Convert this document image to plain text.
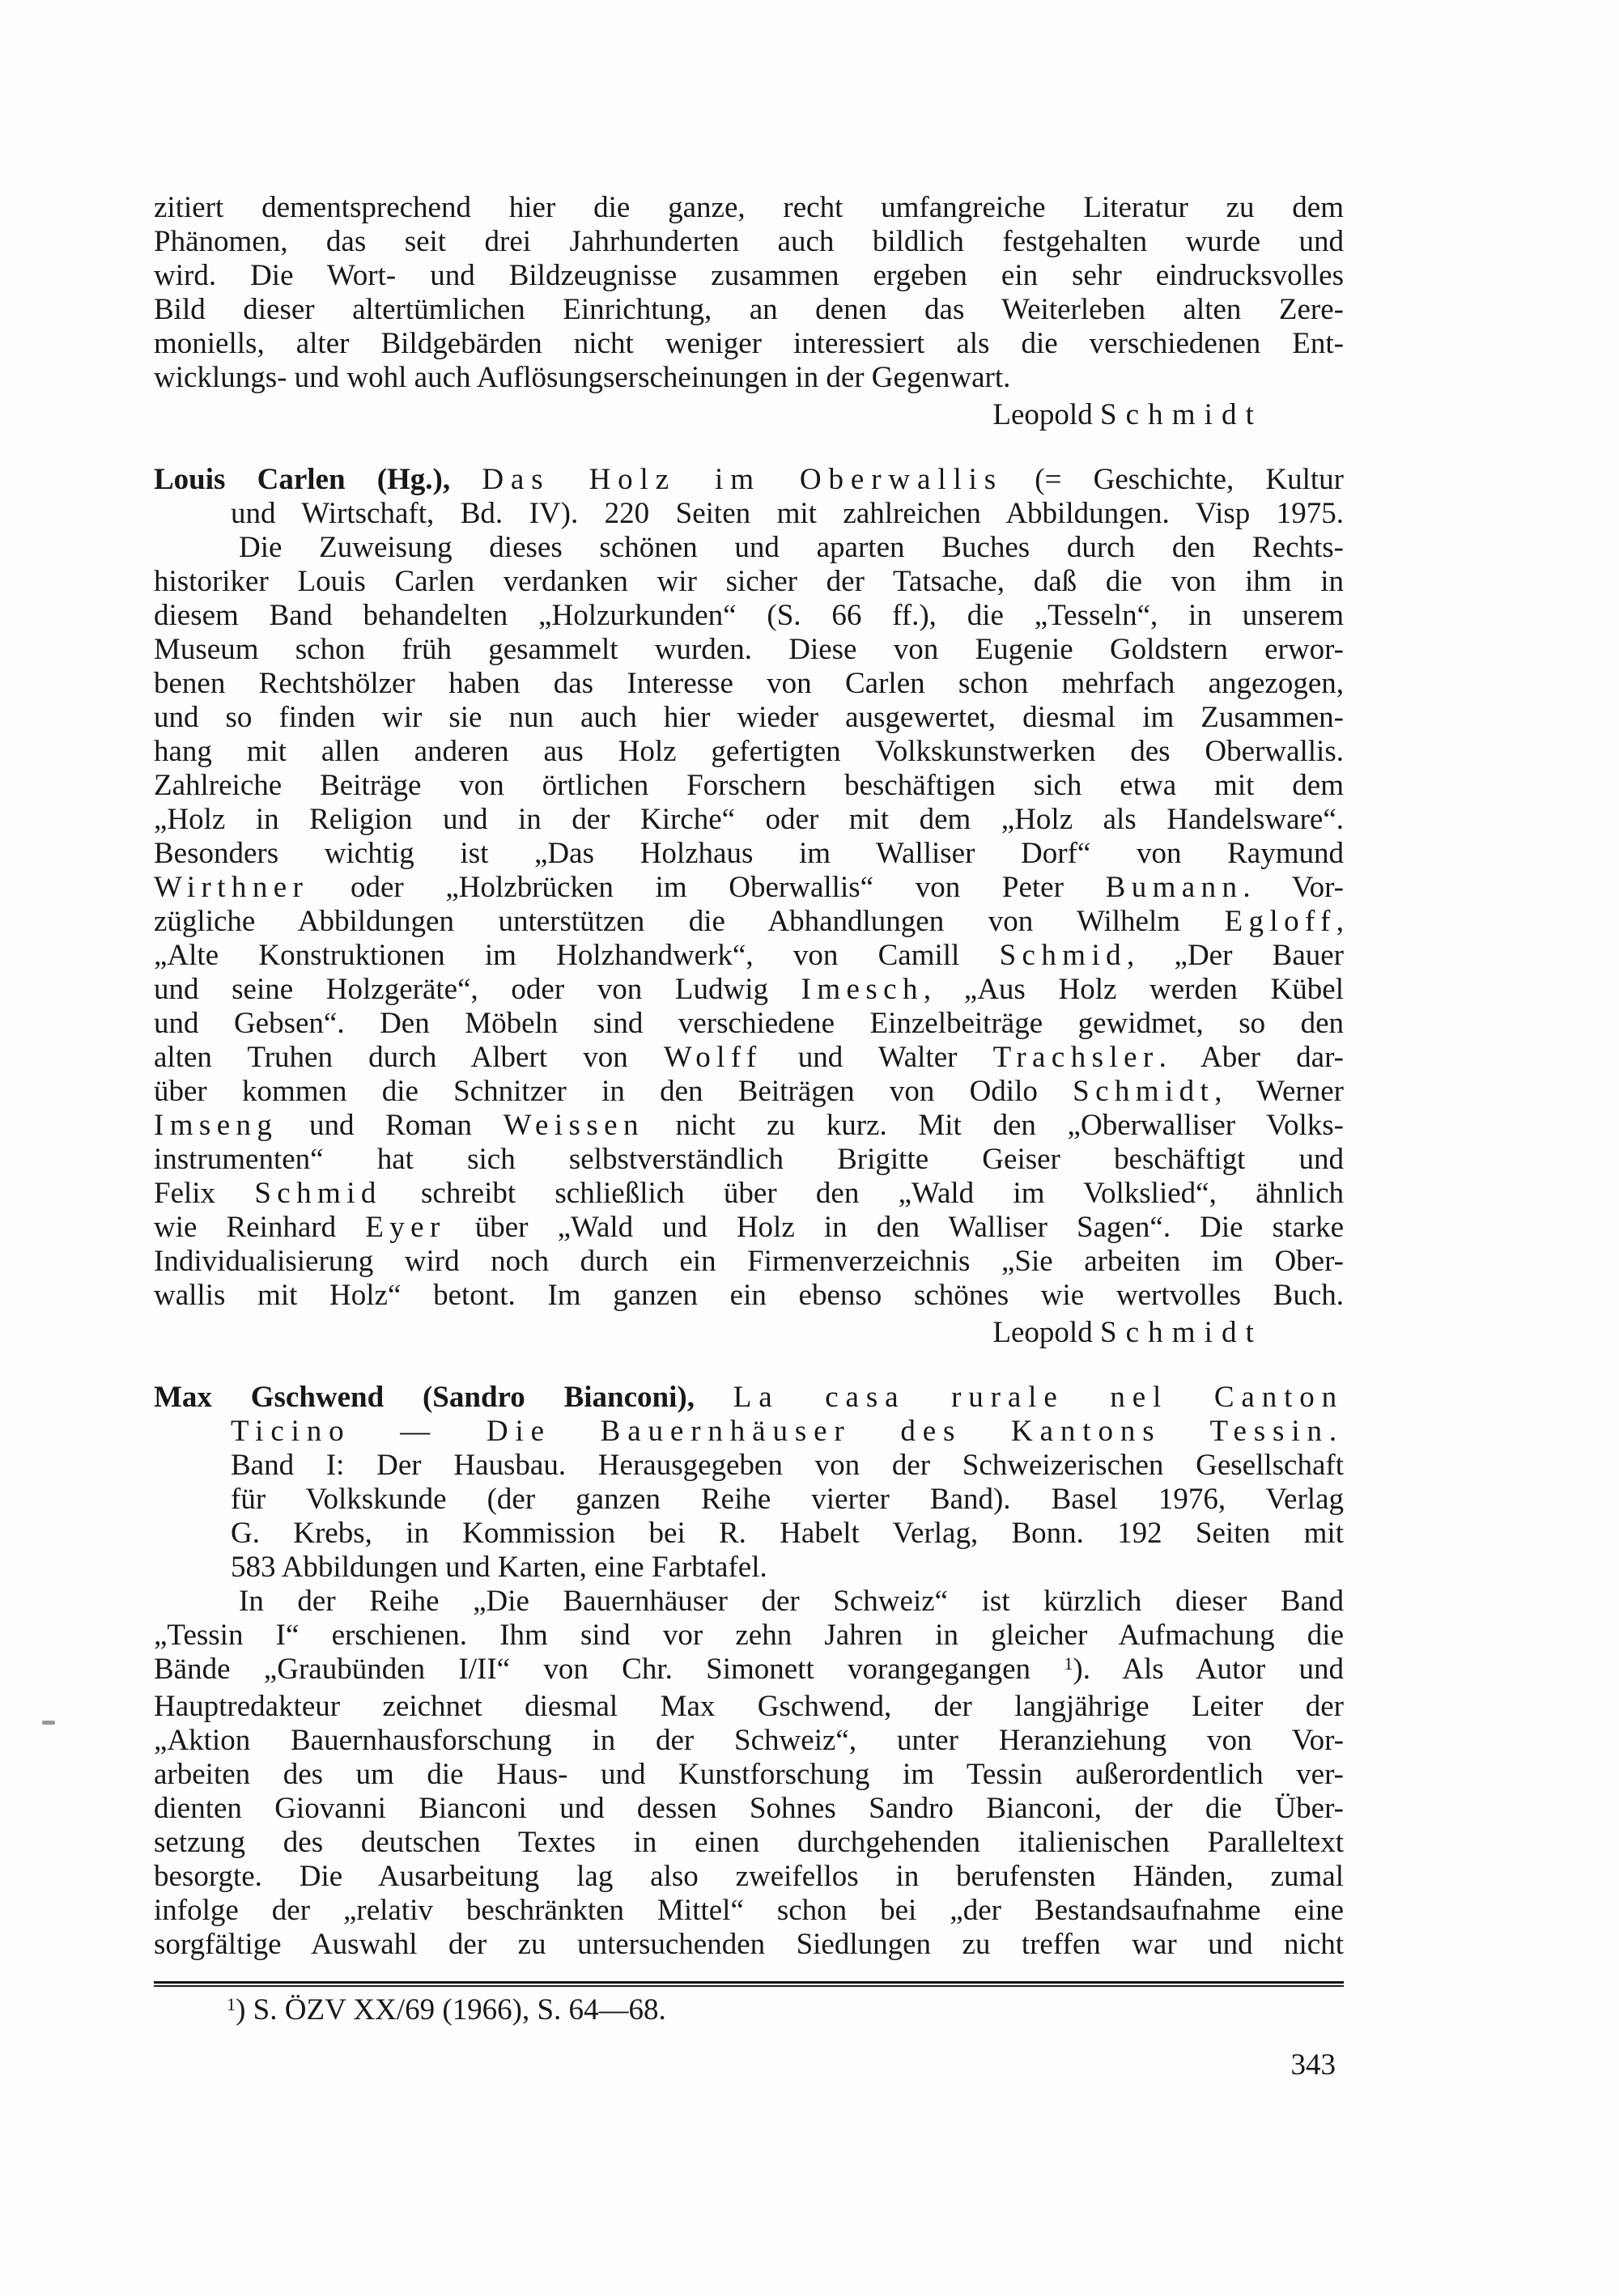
zitiert dementsprechend hier die ganze, recht umfangreiche Literatur zu dem
Phänomen, das seit drei Jahrhunderten auch bildlich festgehalten wurde und
wird. Die Wort- und Bildzeugnisse zusammen ergeben ein sehr eindrucksvolles
Bild dieser altertümlichen Einrichtung, an denen das Weiterleben alten Zere-
moniells, alter Bildgebärden nicht weniger interessiert als die verschiedenen Ent-
wicklungs- und wohl auch Auflösungserscheinungen in der Gegenwart.
Leopold Schmidt
Louis Carlen (Hg.), Das Holz im Oberwallis (= Geschichte, Kultur
und Wirtschaft, Bd. IV). 220 Seiten mit zahlreichen Abbildungen. Visp 1975.
Die Zuweisung dieses schönen und aparten Buches durch den Rechts-
historiker Louis Carlen verdanken wir sicher der Tatsache, daß die von ihm in
diesem Band behandelten „Holzurkunden“ (S. 66 ff.), die „Tesseln“, in unserem
Museum schon früh gesammelt wurden. Diese von Eugenie Goldstern erwor-
benen Rechtshölzer haben das Interesse von Carlen schon mehrfach angezogen,
und so finden wir sie nun auch hier wieder ausgewertet, diesmal im Zusammen-
hang mit allen anderen aus Holz gefertigten Volkskunstwerken des Oberwallis.
Zahlreiche Beiträge von örtlichen Forschern beschäftigen sich etwa mit dem
„Holz in Religion und in der Kirche“ oder mit dem „Holz als Handelsware“.
Besonders wichtig ist „Das Holzhaus im Walliser Dorf“ von Raymund
Wirthner oder „Holzbrücken im Oberwallis“ von Peter Bumann. Vor-
zügliche Abbildungen unterstützen die Abhandlungen von Wilhelm Egloff,
„Alte Konstruktionen im Holzhandwerk“, von Camill Schmid, „Der Bauer
und seine Holzgeräte“, oder von Ludwig Imesch, „Aus Holz werden Kübel
und Gebsen“. Den Möbeln sind verschiedene Einzelbeiträge gewidmet, so den
alten Truhen durch Albert von Wolff und Walter Trachsler. Aber dar-
über kommen die Schnitzer in den Beiträgen von Odilo Schmidt, Werner
Imseng und Roman Weissen nicht zu kurz. Mit den „Oberwalliser Volks-
instrumenten“ hat sich selbstverständlich Brigitte Geiser beschäftigt und
Felix Schmid schreibt schließlich über den „Wald im Volkslied“, ähnlich
wie Reinhard Eyer über „Wald und Holz in den Walliser Sagen“. Die starke
Individualisierung wird noch durch ein Firmenverzeichnis „Sie arbeiten im Ober-
wallis mit Holz“ betont. Im ganzen ein ebenso schönes wie wertvolles Buch.
Leopold Schmidt
Max Gschwend (Sandro Bianconi), La casa rurale nel Canton
Ticino — Die Bauernhäuser des Kantons Tessin.
Band I: Der Hausbau. Herausgegeben von der Schweizerischen Gesellschaft
für Volkskunde (der ganzen Reihe vierter Band). Basel 1976, Verlag
G. Krebs, in Kommission bei R. Habelt Verlag, Bonn. 192 Seiten mit
583 Abbildungen und Karten, eine Farbtafel.
In der Reihe „Die Bauernhäuser der Schweiz“ ist kürzlich dieser Band
„Tessin I“ erschienen. Ihm sind vor zehn Jahren in gleicher Aufmachung die
Bände „Graubünden I/II“ von Chr. Simonett vorangegangen $^1$). Als Autor und
Hauptredakteur zeichnet diesmal Max Gschwend, der langjährige Leiter der
„Aktion Bauernhausforschung in der Schweiz“, unter Heranziehung von Vor-
arbeiten des um die Haus- und Kunstforschung im Tessin außerordentlich ver-
dienten Giovanni Bianconi und dessen Sohnes Sandro Bianconi, der die Über-
setzung des deutschen Textes in einen durchgehenden italienischen Paralleltext
besorgte. Die Ausarbeitung lag also zweifellos in berufensten Händen, zumal
infolge der „relativ beschränkten Mittel“ schon bei „der Bestandsaufnahme eine
sorgfältige Auswahl der zu untersuchenden Siedlungen zu treffen war und nicht
$^1$) S. ÖZV XX/69 (1966), S. 64—68.
343
